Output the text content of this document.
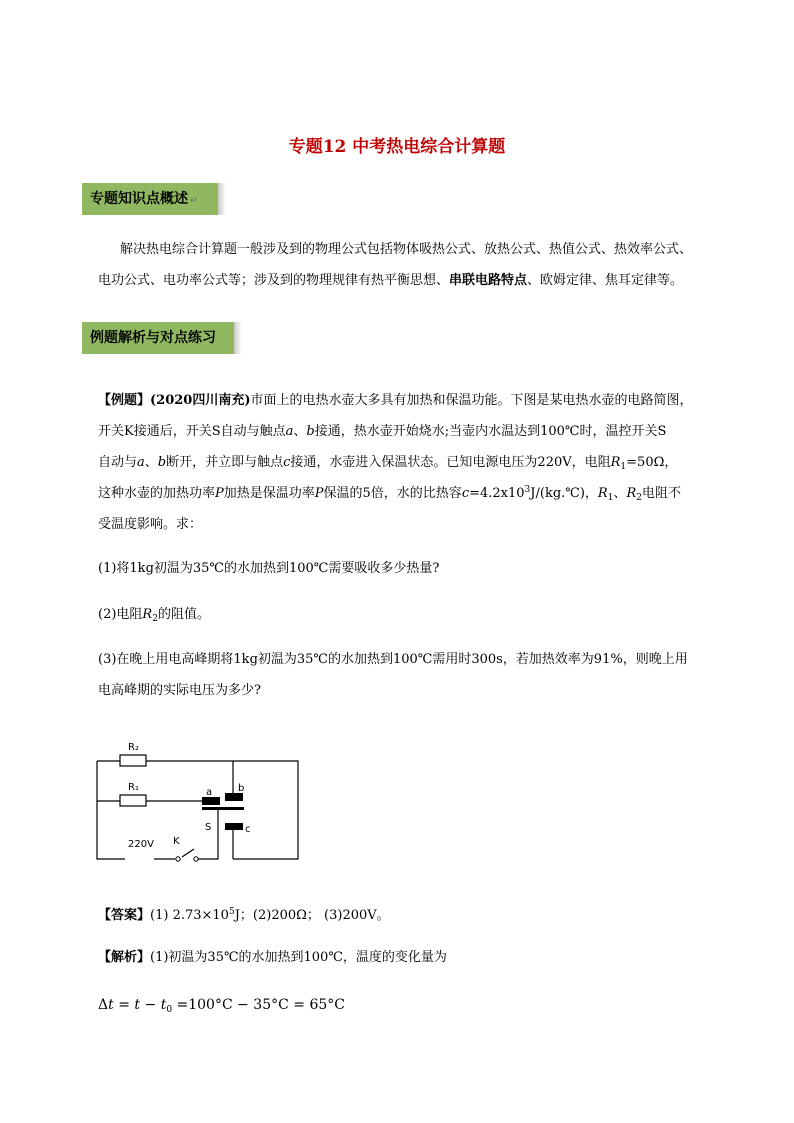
专题12 中考热电综合计算题
专题知识点概述 ↵
解决热电综合计算题一般涉及到的物理公式包括物体吸热公式、放热公式、热值公式、热效率公式、
电功公式、电功率公式等；涉及到的物理规律有热平衡思想、串联电路特点、欧姆定律、焦耳定律等。
例题解析与对点练习
【例题】(2020四川南充)市面上的电热水壶大多具有加热和保温功能。下图是某电热水壶的电路简图，
开关K接通后，开关S自动与触点a、b接通，热水壶开始烧水;当壶内水温达到100℃时，温控开关S
自动与a、b断开，并立即与触点c接通，水壶进入保温状态。已知电源电压为220V，电阻$R_1=50\Omega$，
这种水壶的加热功率P加热是保温功率P保温的5倍，水的比热容$c=4.2x10^3J/(kg.℃)$，$R_1$、$R_2$电阻不
受温度影响。求：
(1)将1kg初温为35℃的水加热到100℃需要吸收多少热量?
(2)电阻$R_2$的阻值。
(3)在晚上用电高峰期将1kg初温为35℃的水加热到100℃需用时300s，若加热效率为91%，则晚上用
电高峰期的实际电压为多少?
R₂
R₁	a	b
S	c
220V K
【答案】(1) $2.73\times 10^5J$；(2)200Ω； (3)200V。
【解析】(1)初温为35℃的水加热到100℃，温度的变化量为
$\Delta t = t - t_0 =100^\circ C - 35^\circ C = 65^\circ C$
